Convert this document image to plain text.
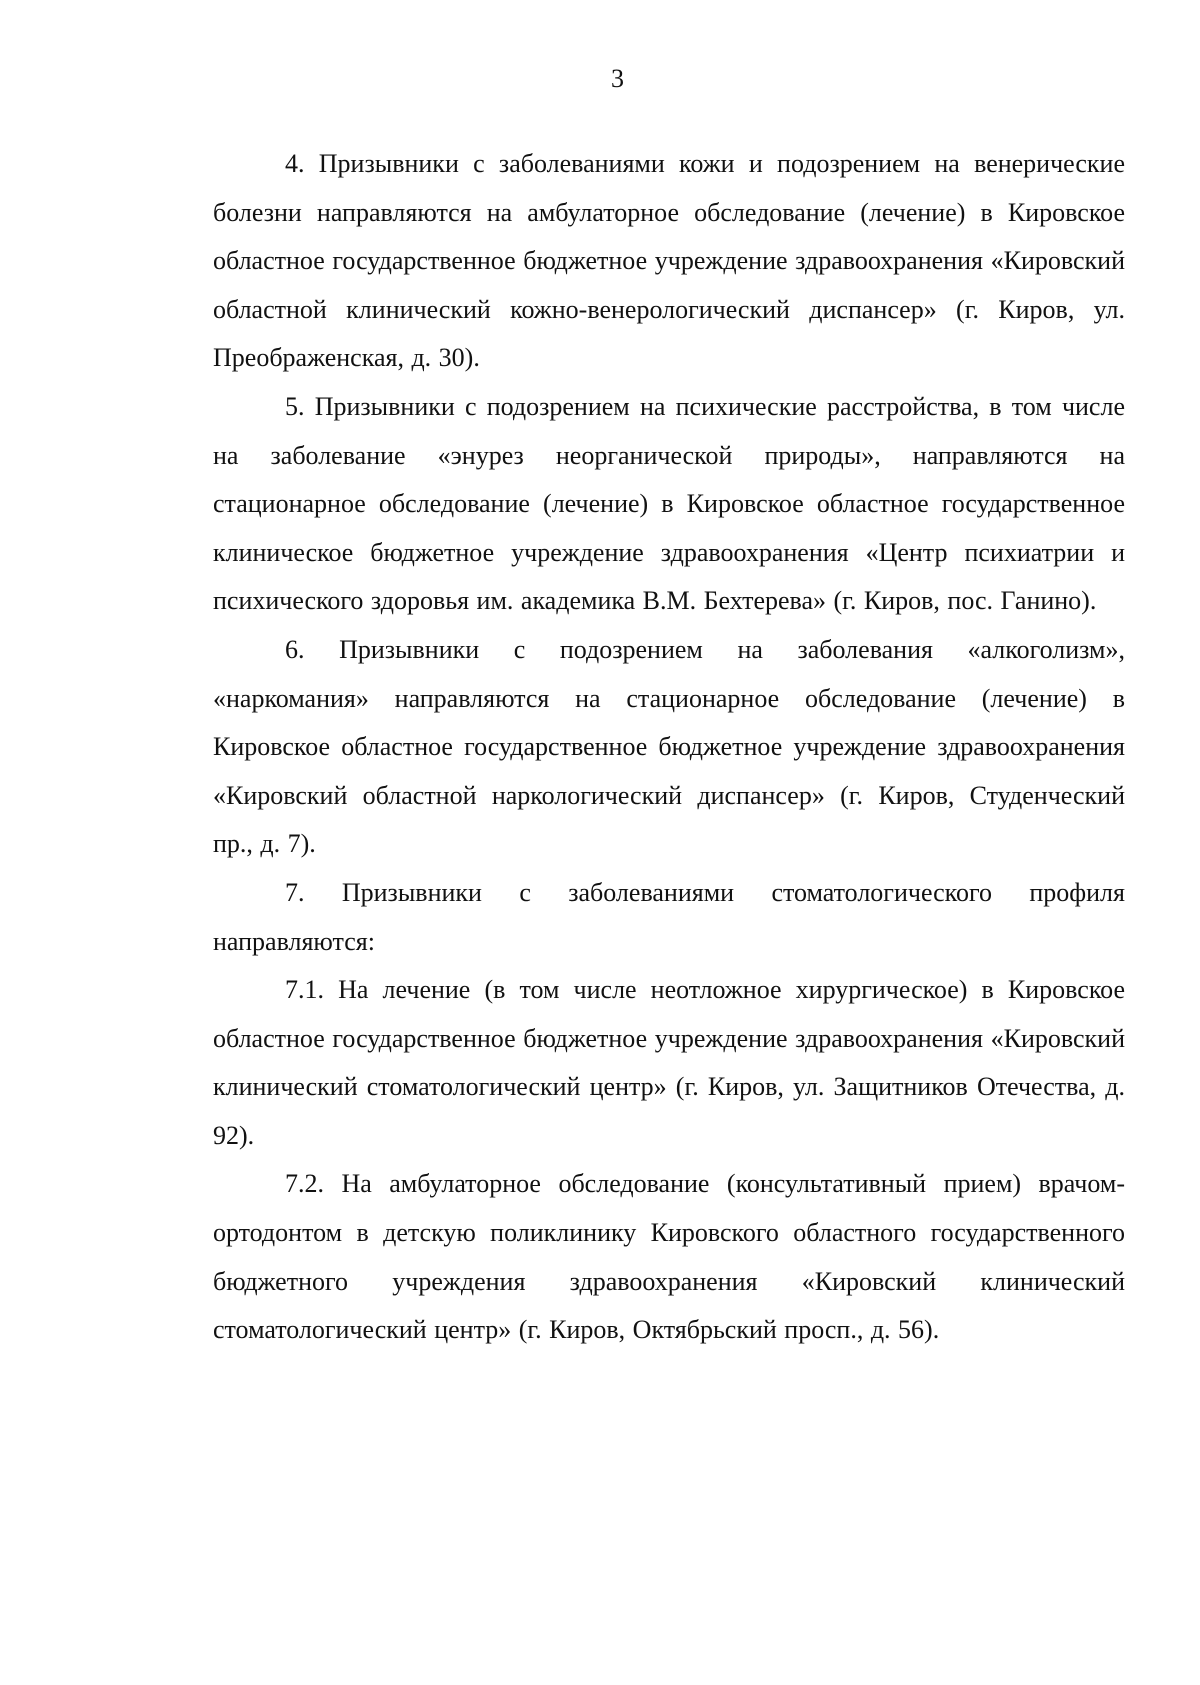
3

4. Призывники с заболеваниями кожи и подозрением на венерические болезни направляются на амбулаторное обследование (лечение) в Кировское областное государственное бюджетное учреждение здравоохранения «Кировский областной клинический кожно-венерологический диспансер» (г. Киров, ул. Преображенская, д. 30).

5. Призывники с подозрением на психические расстройства, в том числе на заболевание «энурез неорганической природы», направляются на стационарное обследование (лечение) в Кировское областное государственное клиническое бюджетное учреждение здравоохранения «Центр психиатрии и психического здоровья им. академика В.М. Бехтерева» (г. Киров, пос. Ганино).

6. Призывники с подозрением на заболевания «алкоголизм», «наркомания» направляются на стационарное обследование (лечение) в Кировское областное государственное бюджетное учреждение здравоохранения «Кировский областной наркологический диспансер» (г. Киров, Студенческий пр., д. 7).

7. Призывники с заболеваниями стоматологического профиля направляются:

7.1. На лечение (в том числе неотложное хирургическое) в Кировское областное государственное бюджетное учреждение здравоохранения «Кировский клинический стоматологический центр» (г. Киров, ул. Защитников Отечества, д. 92).

7.2. На амбулаторное обследование (консультативный прием) врачом-ортодонтом в детскую поликлинику Кировского областного государственного бюджетного учреждения здравоохранения «Кировский клинический стоматологический центр» (г. Киров, Октябрьский просп., д. 56).
